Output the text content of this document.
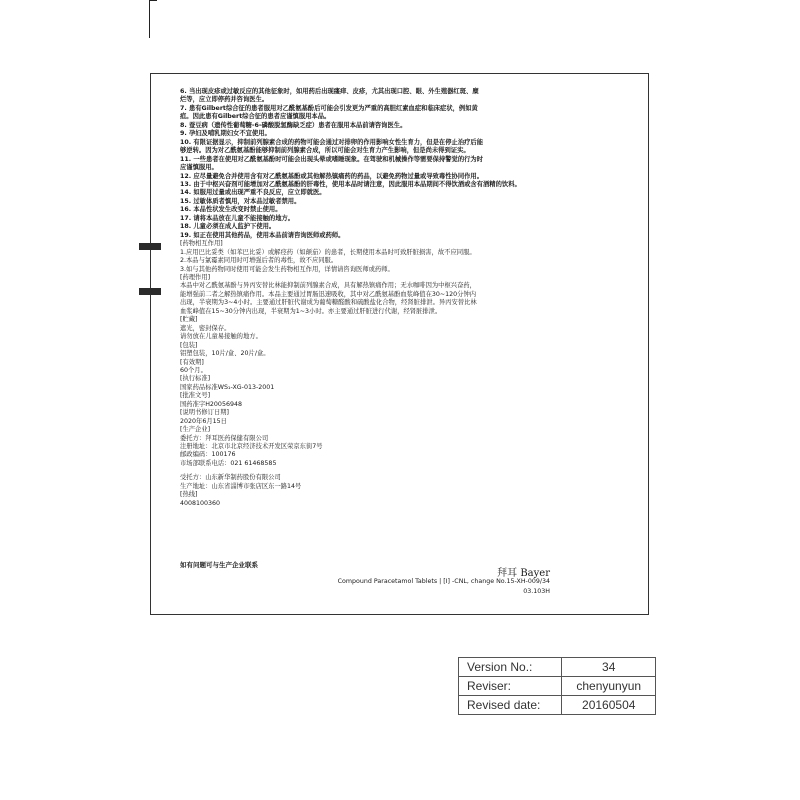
6. 当出现皮疹或过敏反应的其他征象时，如用药后出现瘙痒、皮疹，尤其出现口腔、眼、外生殖器红斑、糜

烂等，应立即停药并咨询医生。

7. 患有Gilbert综合征的患者服用对乙酰氨基酚后可能会引发更为严重的高胆红素血症和临床症状，例如黄

疸。因此患有Gilbert综合征的患者应谨慎服用本品。

8. 蚕豆病（遗传性葡萄糖-6-磷酸脱氢酶缺乏症）患者在服用本品前请咨询医生。

9. 孕妇及哺乳期妇女不宜使用。

10. 有限证据显示，抑制前列腺素合成的药物可能会通过对排卵的作用影响女性生育力，但是在停止治疗后能

够逆转。因为对乙酰氨基酚能够抑制前列腺素合成，所以可能会对生育力产生影响，但是尚未得到证实。

11. 一些患者在使用对乙酰氨基酚时可能会出现头晕或嗜睡现象。在驾驶和机械操作等需要保持警觉的行为时

应谨慎服用。

12. 应尽量避免合并使用含有对乙酰氨基酚或其他解热镇痛药的药品，以避免药物过量或导致毒性协同作用。

13. 由于中枢兴奋剂可能增加对乙酰氨基酚的肝毒性，使用本品时请注意，因此服用本品期间不得饮酒或含有酒精的饮料。

14. 如服用过量或出现严重不良反应，应立即就医。

15. 过敏体质者慎用，对本品过敏者禁用。

16. 本品性状发生改变时禁止使用。

17. 请将本品放在儿童不能接触的地方。

18. 儿童必须在成人监护下使用。

19. 如正在使用其他药品，使用本品前请咨询医师或药师。

[药物相互作用]

1.应用巴比妥类（如苯巴比妥）或解痉药（如颠茄）的患者，长期使用本品时可致肝脏损害，故不应同服。

2.本品与氯霉素同用时可增强后者的毒性，故不应同服。

3.如与其他药物同时使用可能会发生药物相互作用，详情请咨询医师或药师。

[药理作用]

本品中对乙酰氨基酚与异丙安替比林能抑制前列腺素合成，具有解热镇痛作用；无水咖啡因为中枢兴奋药，

能增强前二者之解热镇痛作用。本品主要通过胃肠迅速吸收，其中对乙酰氨基酚血浆峰值在30~120分钟内

出现，半衰期为3~4小时。主要通过肝脏代谢成为葡萄糖醛酸和硫酸盐化合物，经肾脏排泄。异丙安替比林

血浆峰值在15~30分钟内出现，半衰期为1~3小时。亦主要通过肝脏进行代谢，经肾脏排泄。

[贮藏]

遮光，密封保存。

请勿放在儿童易接触的地方。

[包装]

铝塑包装，10片/盒、20片/盒。

[有效期]

60个月。

[执行标准]

国家药品标准WS₁-XG-013-2001

[批准文号]

国药准字H20056948

[说明书修订日期]

2020年6月15日

[生产企业]

委托方：拜耳医药保健有限公司

注册地址：北京市北京经济技术开发区荣京东街7号

邮政编码：100176

市场部联系电话：021 61468585

受托方：山东新华制药股份有限公司

生产地址：山东省淄博市张店区东一路14号

[热线]

4008100360

如有问题可与生产企业联系
拜耳 Bayer
Compound Paracetamol Tablets | [I] -CNL, change No.15-XH-009/34
03.103H
Version No.:	34
Reviser:	chenyunyun
Revised date:	20160504
